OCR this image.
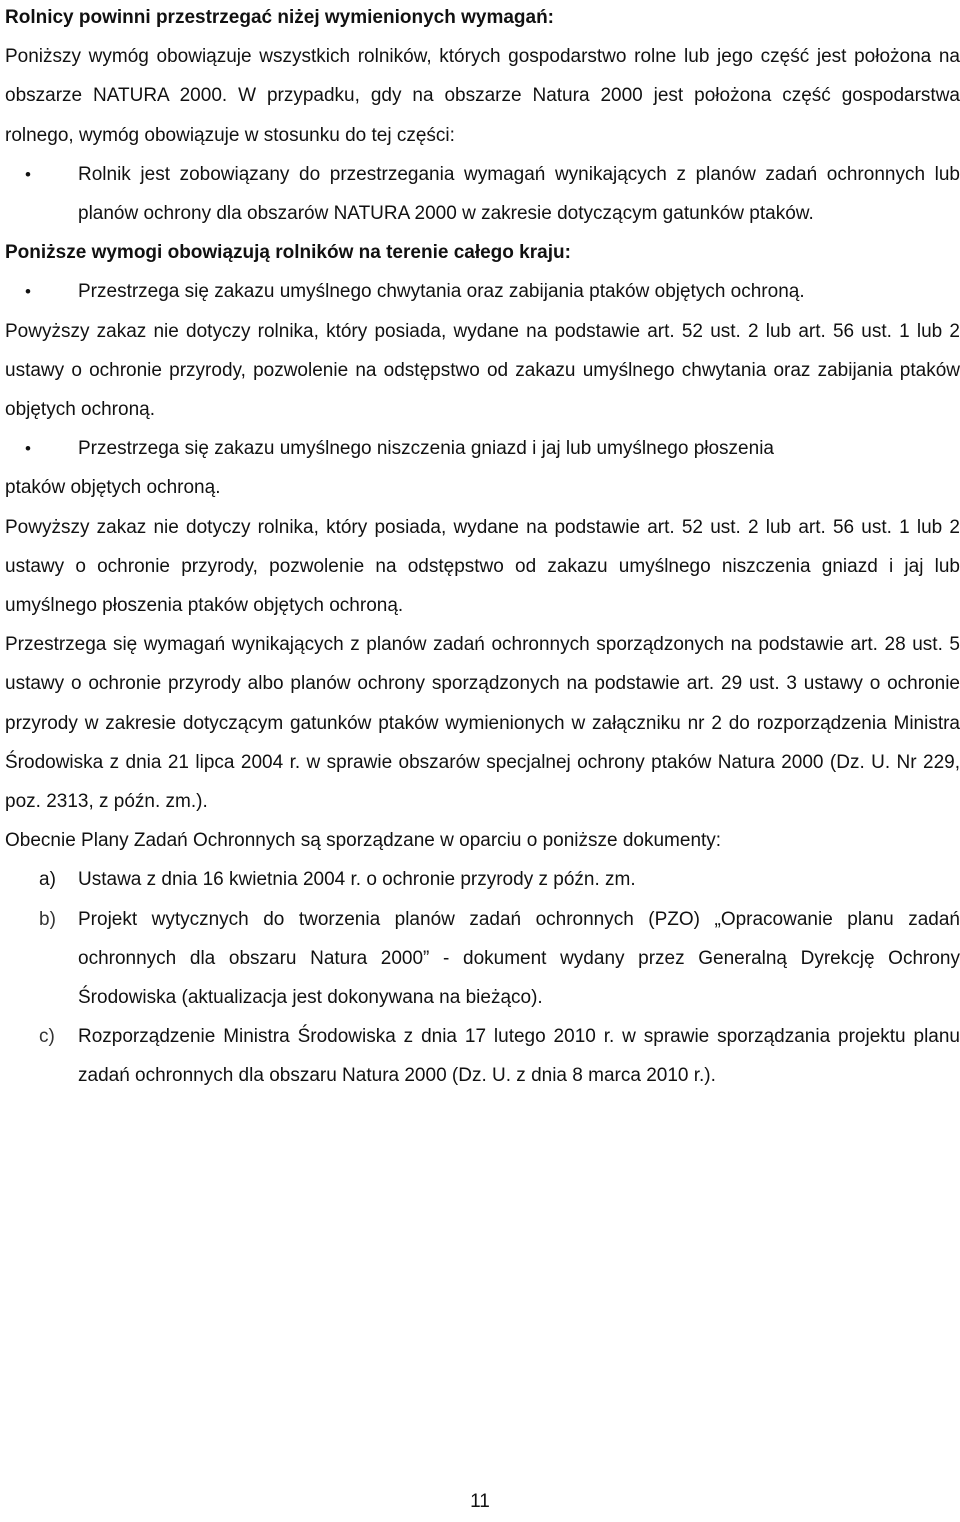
Rolnicy powinni przestrzegać niżej wymienionych wymagań:

Poniższy wymóg obowiązuje wszystkich rolników, których gospodarstwo rolne lub jego część jest położona na obszarze NATURA 2000. W przypadku, gdy na obszarze Natura 2000 jest położona część gospodarstwa rolnego, wymóg obowiązuje w stosunku do tej części:

•	Rolnik jest zobowiązany do przestrzegania wymagań wynikających z planów zadań ochronnych lub planów ochrony dla obszarów NATURA 2000 w zakresie dotyczącym gatunków ptaków.

Poniższe wymogi obowiązują rolników na terenie całego kraju:

•	Przestrzega się zakazu umyślnego chwytania oraz zabijania ptaków objętych ochroną.

Powyższy zakaz nie dotyczy rolnika, który posiada, wydane na podstawie art. 52 ust. 2 lub art. 56 ust. 1 lub 2 ustawy o ochronie przyrody, pozwolenie na odstępstwo od zakazu umyślnego chwytania oraz zabijania ptaków objętych ochroną.

•	Przestrzega się zakazu umyślnego niszczenia gniazd i jaj lub umyślnego płoszenia

ptaków objętych ochroną.

Powyższy zakaz nie dotyczy rolnika, który posiada, wydane na podstawie art. 52 ust. 2 lub art. 56 ust. 1 lub 2 ustawy o ochronie przyrody, pozwolenie na odstępstwo od zakazu umyślnego niszczenia gniazd i jaj lub umyślnego płoszenia ptaków objętych ochroną.

Przestrzega się wymagań wynikających z planów zadań ochronnych sporządzonych na podstawie art. 28 ust. 5 ustawy o ochronie przyrody albo planów ochrony sporządzonych na podstawie art. 29 ust. 3 ustawy o ochronie przyrody w zakresie dotyczącym gatunków ptaków wymienionych w załączniku nr 2 do rozporządzenia Ministra Środowiska z dnia 21 lipca 2004 r. w sprawie obszarów specjalnej ochrony ptaków Natura 2000 (Dz. U. Nr 229, poz. 2313, z późn. zm.).

Obecnie Plany Zadań Ochronnych są sporządzane w oparciu o poniższe dokumenty:

a) Ustawa z dnia 16 kwietnia 2004 r. o ochronie przyrody z późn. zm.
b) Projekt wytycznych do tworzenia planów zadań ochronnych (PZO) „Opracowanie planu zadań ochronnych dla obszaru Natura 2000” - dokument wydany przez Generalną Dyrekcję Ochrony Środowiska (aktualizacja jest dokonywana na bieżąco).
c) Rozporządzenie Ministra Środowiska z dnia 17 lutego 2010 r. w sprawie sporządzania projektu planu zadań ochronnych dla obszaru Natura 2000 (Dz. U. z dnia 8 marca 2010 r.).
11
